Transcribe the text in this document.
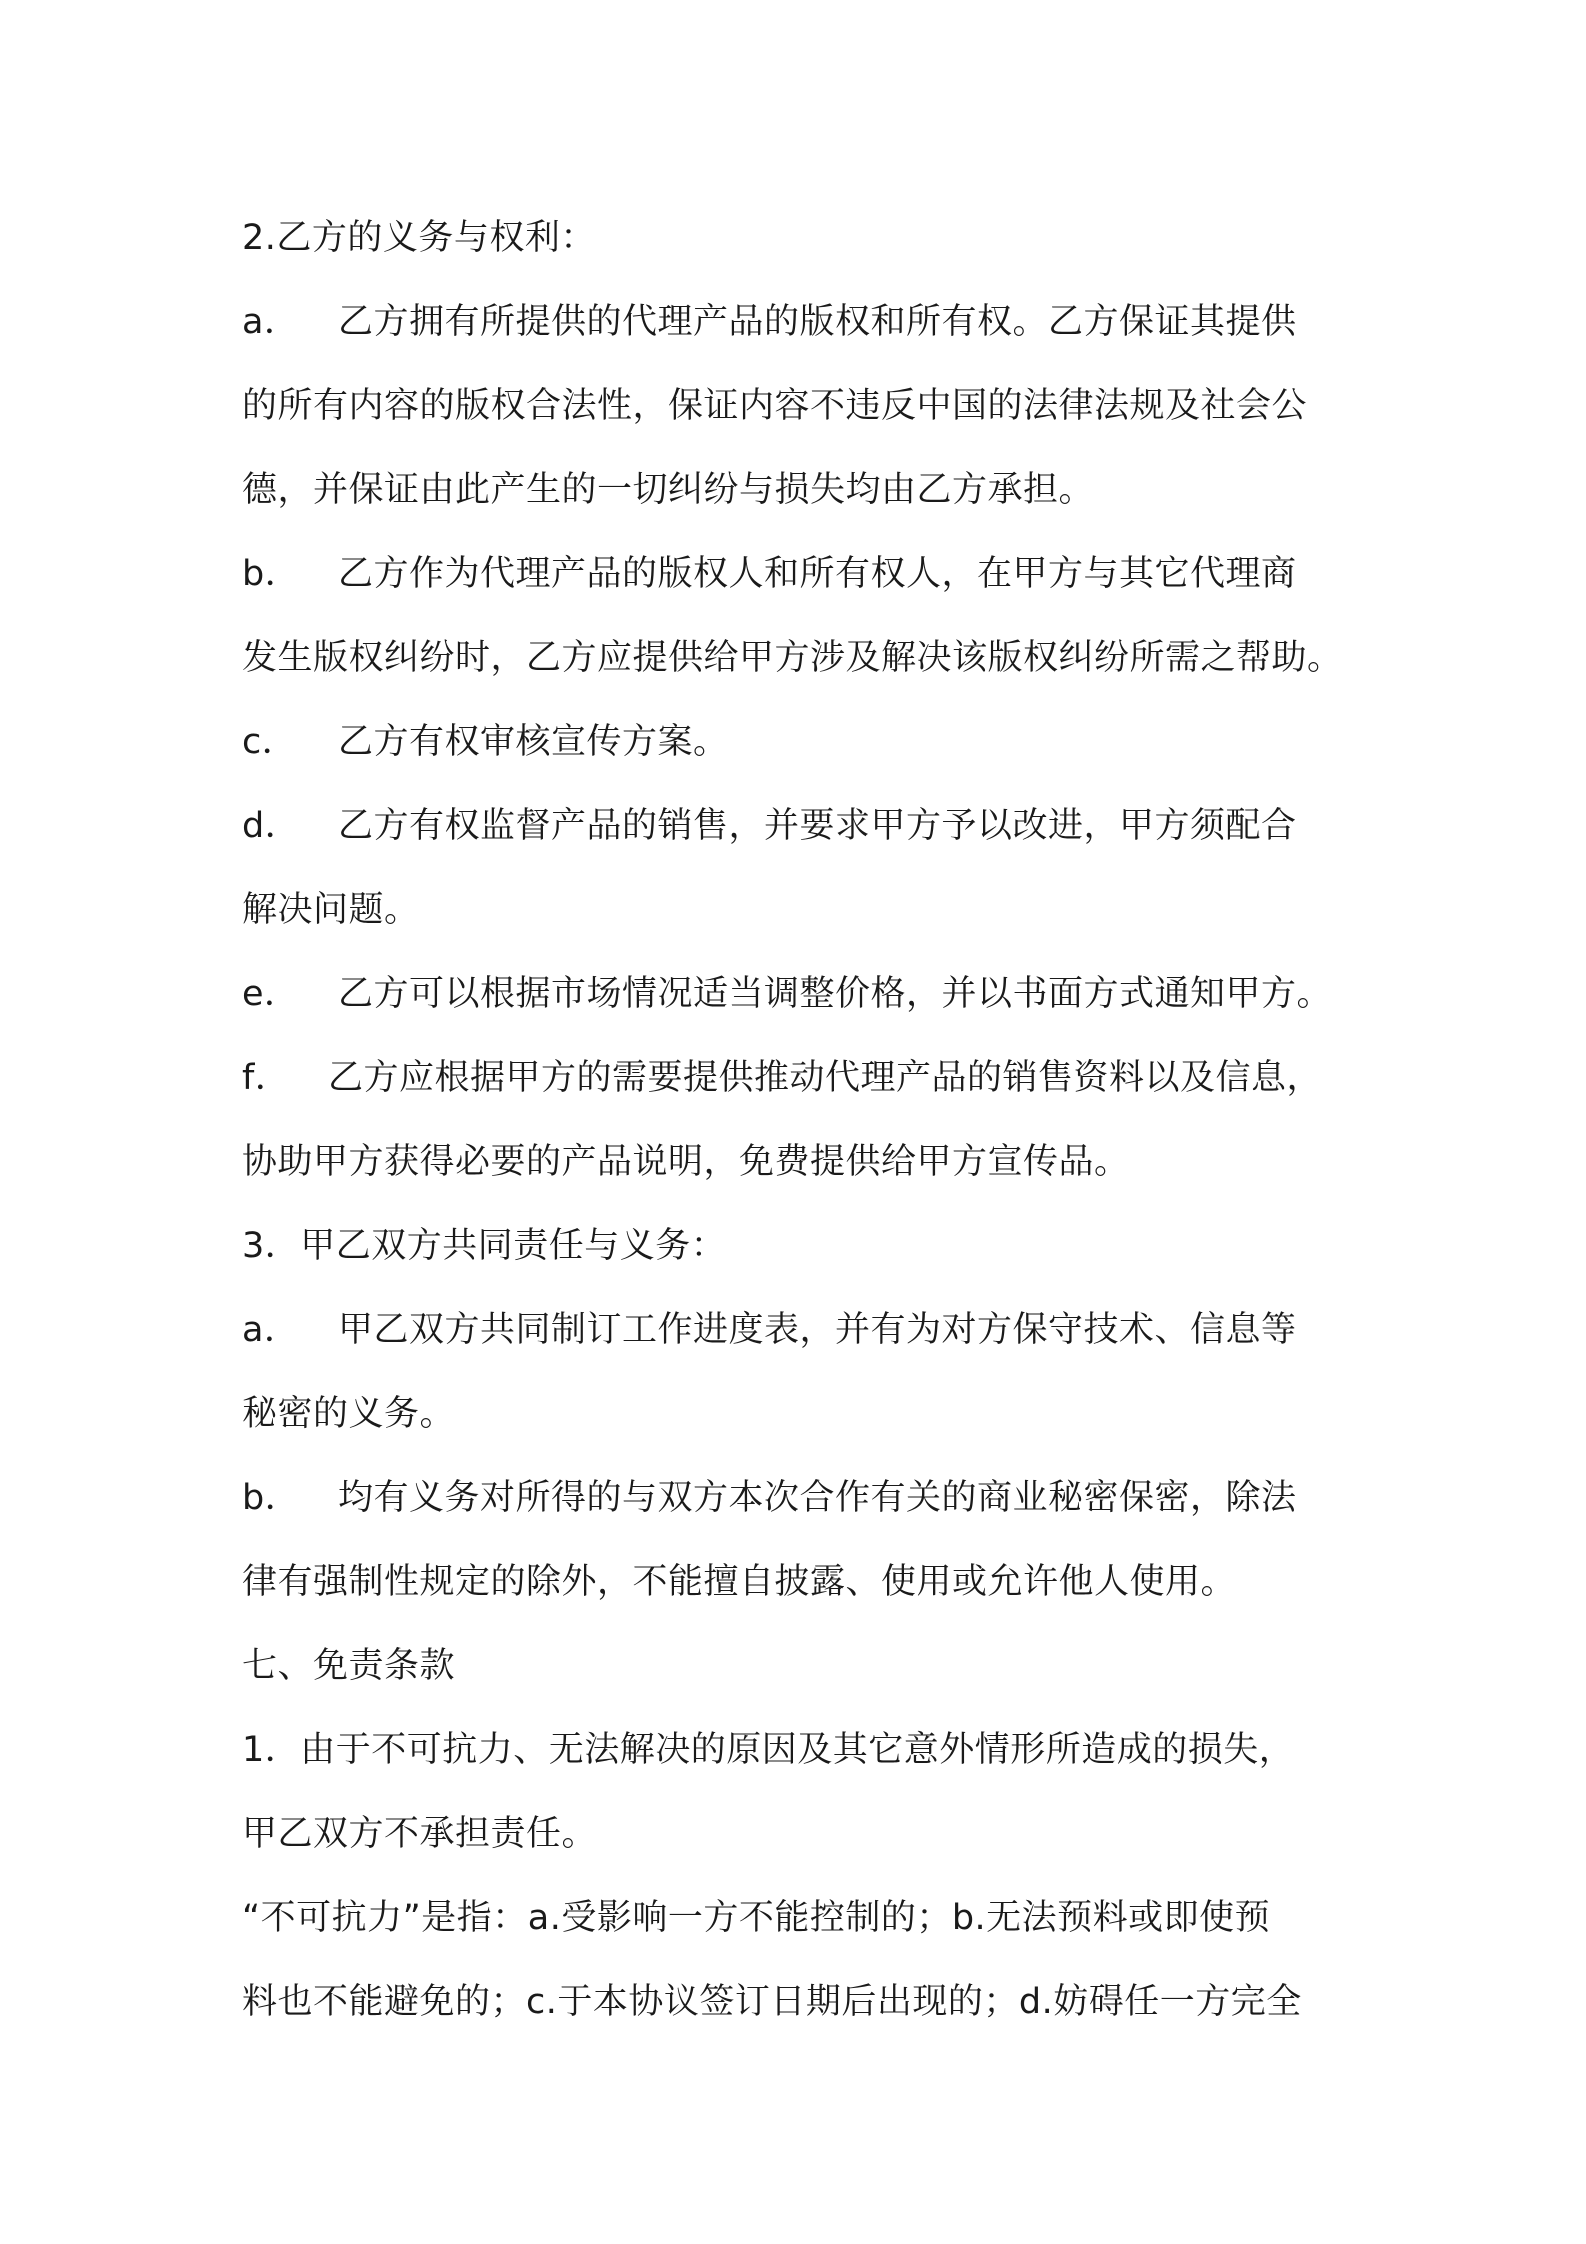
2.乙方的义务与权利：
a． 乙方拥有所提供的代理产品的版权和所有权。乙方保证其提供
的所有内容的版权合法性，保证内容不违反中国的法律法规及社会公
德，并保证由此产生的一切纠纷与损失均由乙方承担。
b． 乙方作为代理产品的版权人和所有权人，在甲方与其它代理商
发生版权纠纷时，乙方应提供给甲方涉及解决该版权纠纷所需之帮助。
c． 乙方有权审核宣传方案。
d． 乙方有权监督产品的销售，并要求甲方予以改进，甲方须配合
解决问题。
e． 乙方可以根据市场情况适当调整价格，并以书面方式通知甲方。
f． 乙方应根据甲方的需要提供推动代理产品的销售资料以及信息，
协助甲方获得必要的产品说明，免费提供给甲方宣传品。
3．甲乙双方共同责任与义务：
a． 甲乙双方共同制订工作进度表，并有为对方保守技术、信息等
秘密的义务。
b． 均有义务对所得的与双方本次合作有关的商业秘密保密，除法
律有强制性规定的除外，不能擅自披露、使用或允许他人使用。
七、免责条款
1．由于不可抗力、无法解决的原因及其它意外情形所造成的损失，
甲乙双方不承担责任。
“不可抗力”是指：a.受影响一方不能控制的；b.无法预料或即使预
料也不能避免的；c.于本协议签订日期后出现的；d.妨碍任一方完全
